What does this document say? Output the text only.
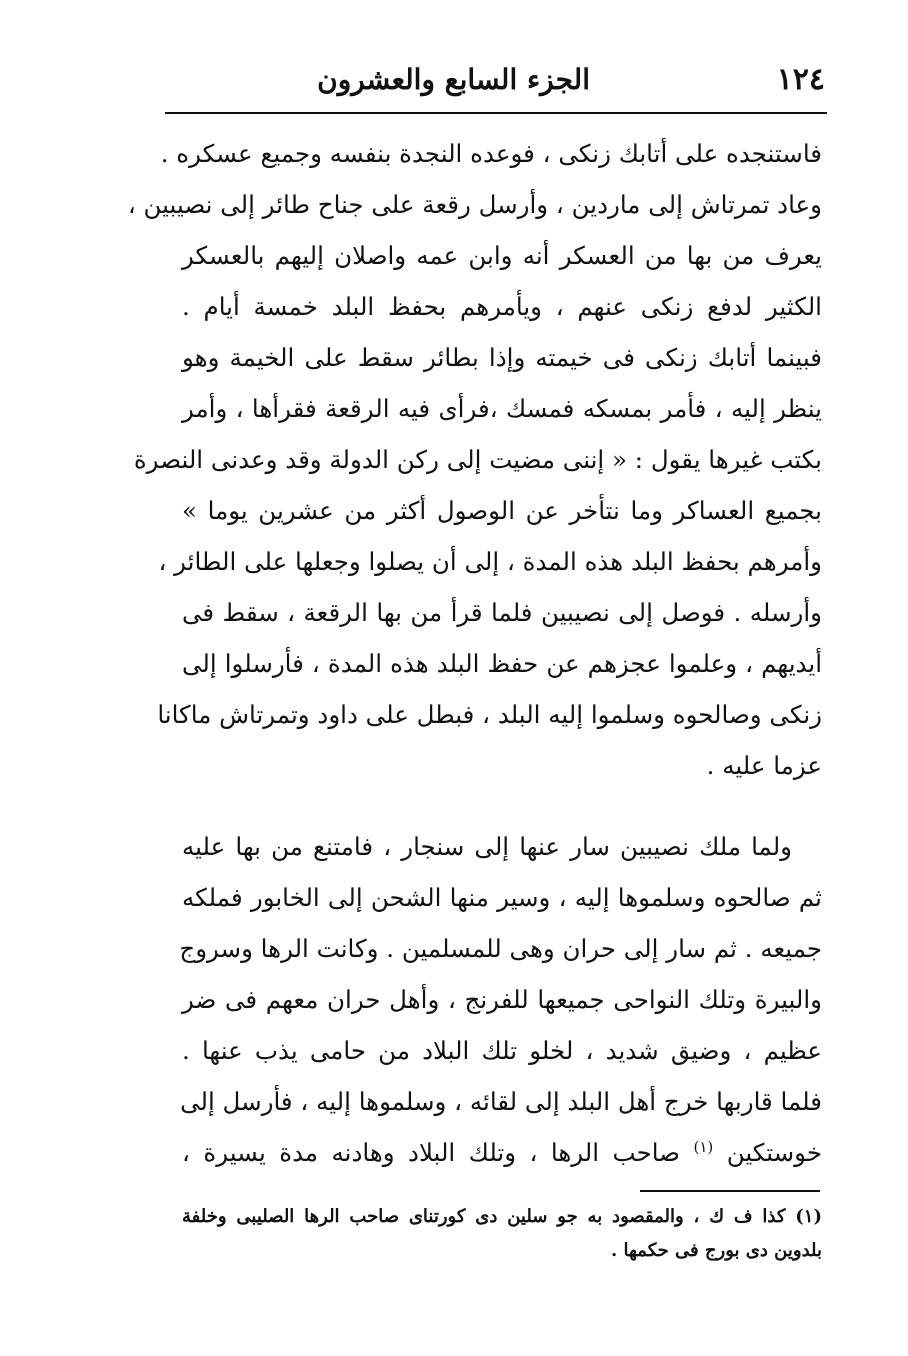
١٢٤
الجزء السابع والعشرون
فاستنجده على أتابك زنكى ، فوعده النجدة بنفسه وجميع عسكره .
وعاد تمرتاش إلى ماردين ، وأرسل رقعة على جناح طائر إلى نصيبين ،
يعرف من بها من العسكر أنه وابن عمه واصلان إليهم بالعسكر
الكثير لدفع زنكى عنهم ، ويأمرهم بحفظ البلد خمسة أيام .
فبينما أتابك زنكى فى خيمته وإذا بطائر سقط على الخيمة وهو
ينظر إليه ، فأمر بمسكه فمسك ،فرأى فيه الرقعة فقرأها ، وأمر
بكتب غيرها يقول : « إننى مضيت إلى ركن الدولة وقد وعدنى النصرة
بجميع العساكر وما نتأخر عن الوصول أكثر من عشرين يوما »
وأمرهم بحفظ البلد هذه المدة ، إلى أن يصلوا وجعلها على الطائر ،
وأرسله . فوصل إلى نصيبين فلما قرأ من بها الرقعة ، سقط فى
أيديهم ، وعلموا عجزهم عن حفظ البلد هذه المدة ، فأرسلوا إلى
زنكى وصالحوه وسلموا إليه البلد ، فبطل على داود وتمرتاش ماكانا
عزما عليه .
ولما ملك نصيبين سار عنها إلى سنجار ، فامتنع من بها عليه
ثم صالحوه وسلموها إليه ، وسير منها الشحن إلى الخابور فملكه
جميعه . ثم سار إلى حران وهى للمسلمين . وكانت الرها وسروج
والبيرة وتلك النواحى جميعها للفرنج ، وأهل حران معهم فى ضر
عظيم ، وضيق شديد ، لخلو تلك البلاد من حامى يذب عنها .
فلما قاربها خرج أهل البلد إلى لقائه ، وسلموها إليه ، فأرسل إلى
خوستكين $^{(١)}$ صاحب الرها ، وتلك البلاد وهادنه مدة يسيرة ،
(١) كذا ف ك ، والمقصود به جو سلين دى كورتناى صاحب الرها الصليبى وخلفة
بلدوين دى بورج فى حكمها .
